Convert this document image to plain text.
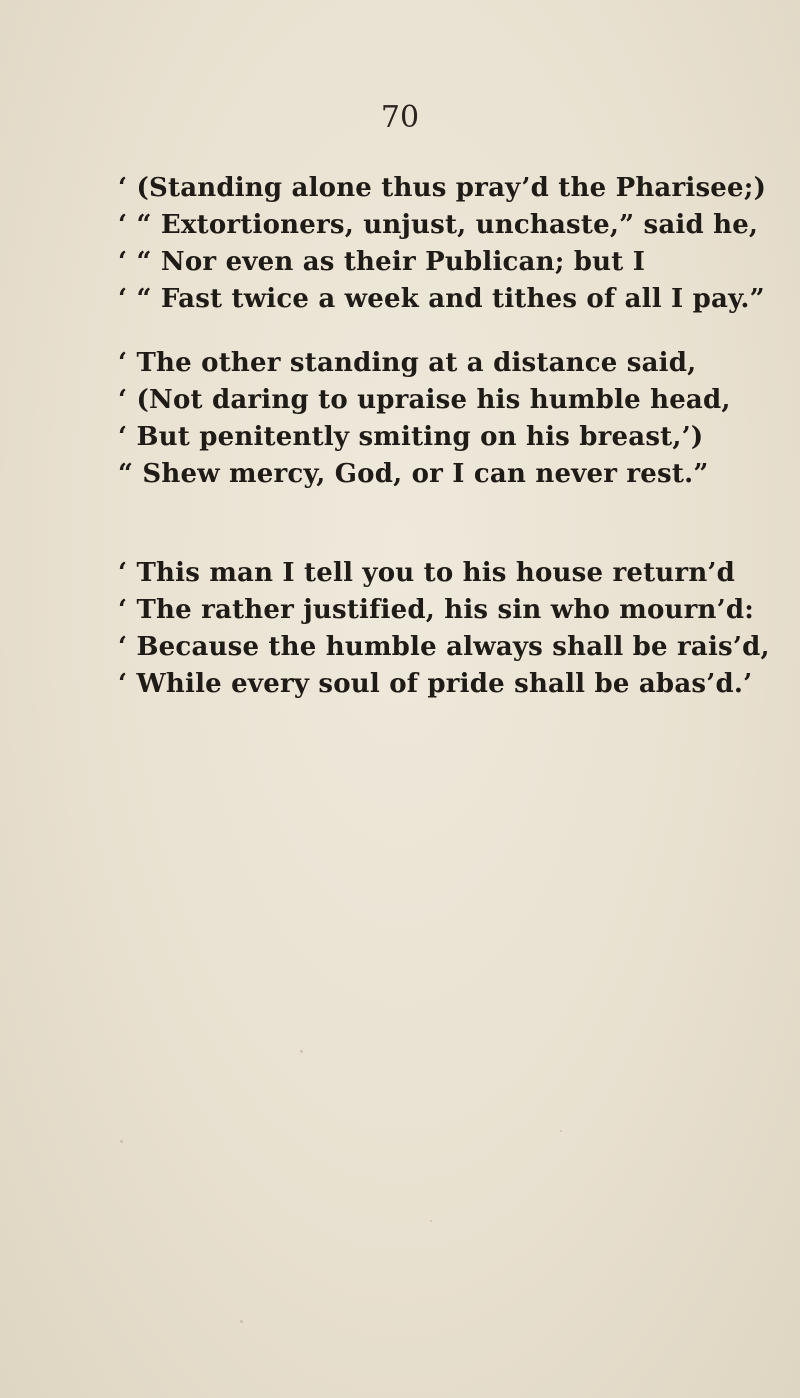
70
‘ (Standing alone thus pray’d the Pharisee;)
‘ “ Extortioners, unjust, unchaste,” said he,
‘ “ Nor even as their Publican; but I
‘ “ Fast twice a week and tithes of all I pay.”
‘ The other standing at a distance said,
‘ (Not daring to upraise his humble head,
‘ But penitently smiting on his breast,’)
“ Shew mercy, God, or I can never rest.”
‘ This man I tell you to his house return’d
‘ The rather justified, his sin who mourn’d:
‘ Because the humble always shall be rais’d,
‘ While every soul of pride shall be abas’d.’
